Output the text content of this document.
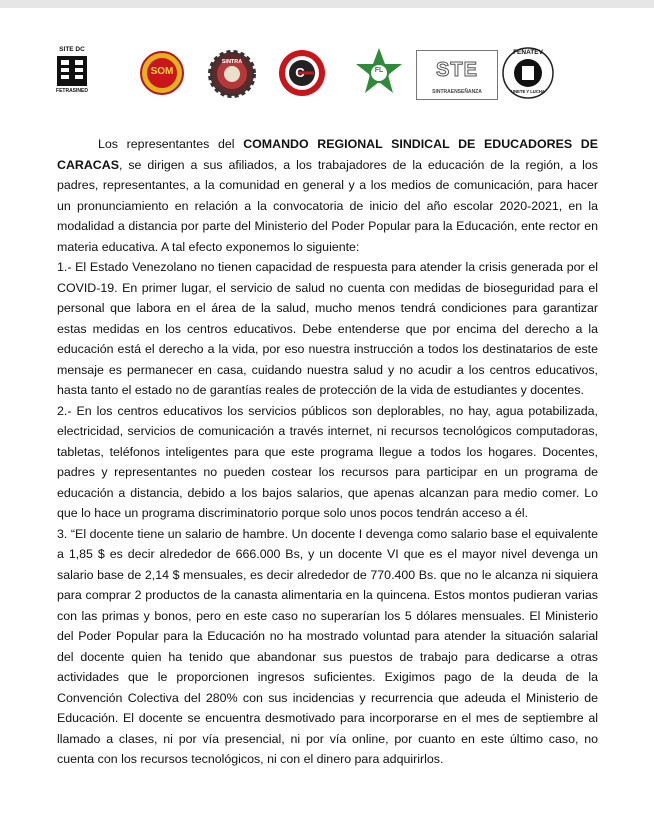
SITE DC
FETRASINED
SOM
SINTRA
C	FL	STE
SINTRAENSEÑANZA
FENATEV
UNETE Y LUCHA

Los representantes del COMANDO REGIONAL SINDICAL DE EDUCADORES DE CARACAS, se dirigen a sus afiliados, a los trabajadores de la educación de la región, a los padres, representantes, a la comunidad en general y a los medios de comunicación, para hacer un pronunciamiento en relación a la convocatoria de inicio del año escolar 2020-2021, en la modalidad a distancia por parte del Ministerio del Poder Popular para la Educación, ente rector en materia educativa. A tal efecto exponemos lo siguiente:

1.- El Estado Venezolano no tienen capacidad de respuesta para atender la crisis generada por el COVID-19. En primer lugar, el servicio de salud no cuenta con medidas de bioseguridad para el personal que labora en el área de la salud, mucho menos tendrá condiciones para garantizar estas medidas en los centros educativos. Debe entenderse que por encima del derecho a la educación está el derecho a la vida, por eso nuestra instrucción a todos los destinatarios de este mensaje es permanecer en casa, cuidando nuestra salud y no acudir a los centros educativos, hasta tanto el estado no de garantías reales de protección de la vida de estudiantes y docentes.

2.- En los centros educativos los servicios públicos son deplorables, no hay, agua potabilizada, electricidad, servicios de comunicación a través internet, ni recursos tecnológicos computadoras, tabletas, teléfonos inteligentes para que este programa llegue a todos los hogares. Docentes, padres y representantes no pueden costear los recursos para participar en un programa de educación a distancia, debido a los bajos salarios, que apenas alcanzan para medio comer. Lo que lo hace un programa discriminatorio porque solo unos pocos tendrán acceso a él.

3. “El docente tiene un salario de hambre. Un docente I devenga como salario base el equivalente a 1,85 $ es decir alrededor de 666.000 Bs, y un docente VI que es el mayor nivel devenga un salario base de 2,14 $ mensuales, es decir alrededor de 770.400 Bs. que no le alcanza ni siquiera para comprar 2 productos de la canasta alimentaria en la quincena. Estos montos pudieran varias con las primas y bonos, pero en este caso no superarían los 5 dólares mensuales. El Ministerio del Poder Popular para la Educación no ha mostrado voluntad para atender la situación salarial del docente quien ha tenido que abandonar sus puestos de trabajo para dedicarse a otras actividades que le proporcionen ingresos suficientes. Exigimos pago de la deuda de la Convención Colectiva del 280% con sus incidencias y recurrencia que adeuda el Ministerio de Educación. El docente se encuentra desmotivado para incorporarse en el mes de septiembre al llamado a clases, ni por vía presencial, ni por vía online, por cuanto en este último caso, no cuenta con los recursos tecnológicos, ni con el dinero para adquirirlos.
